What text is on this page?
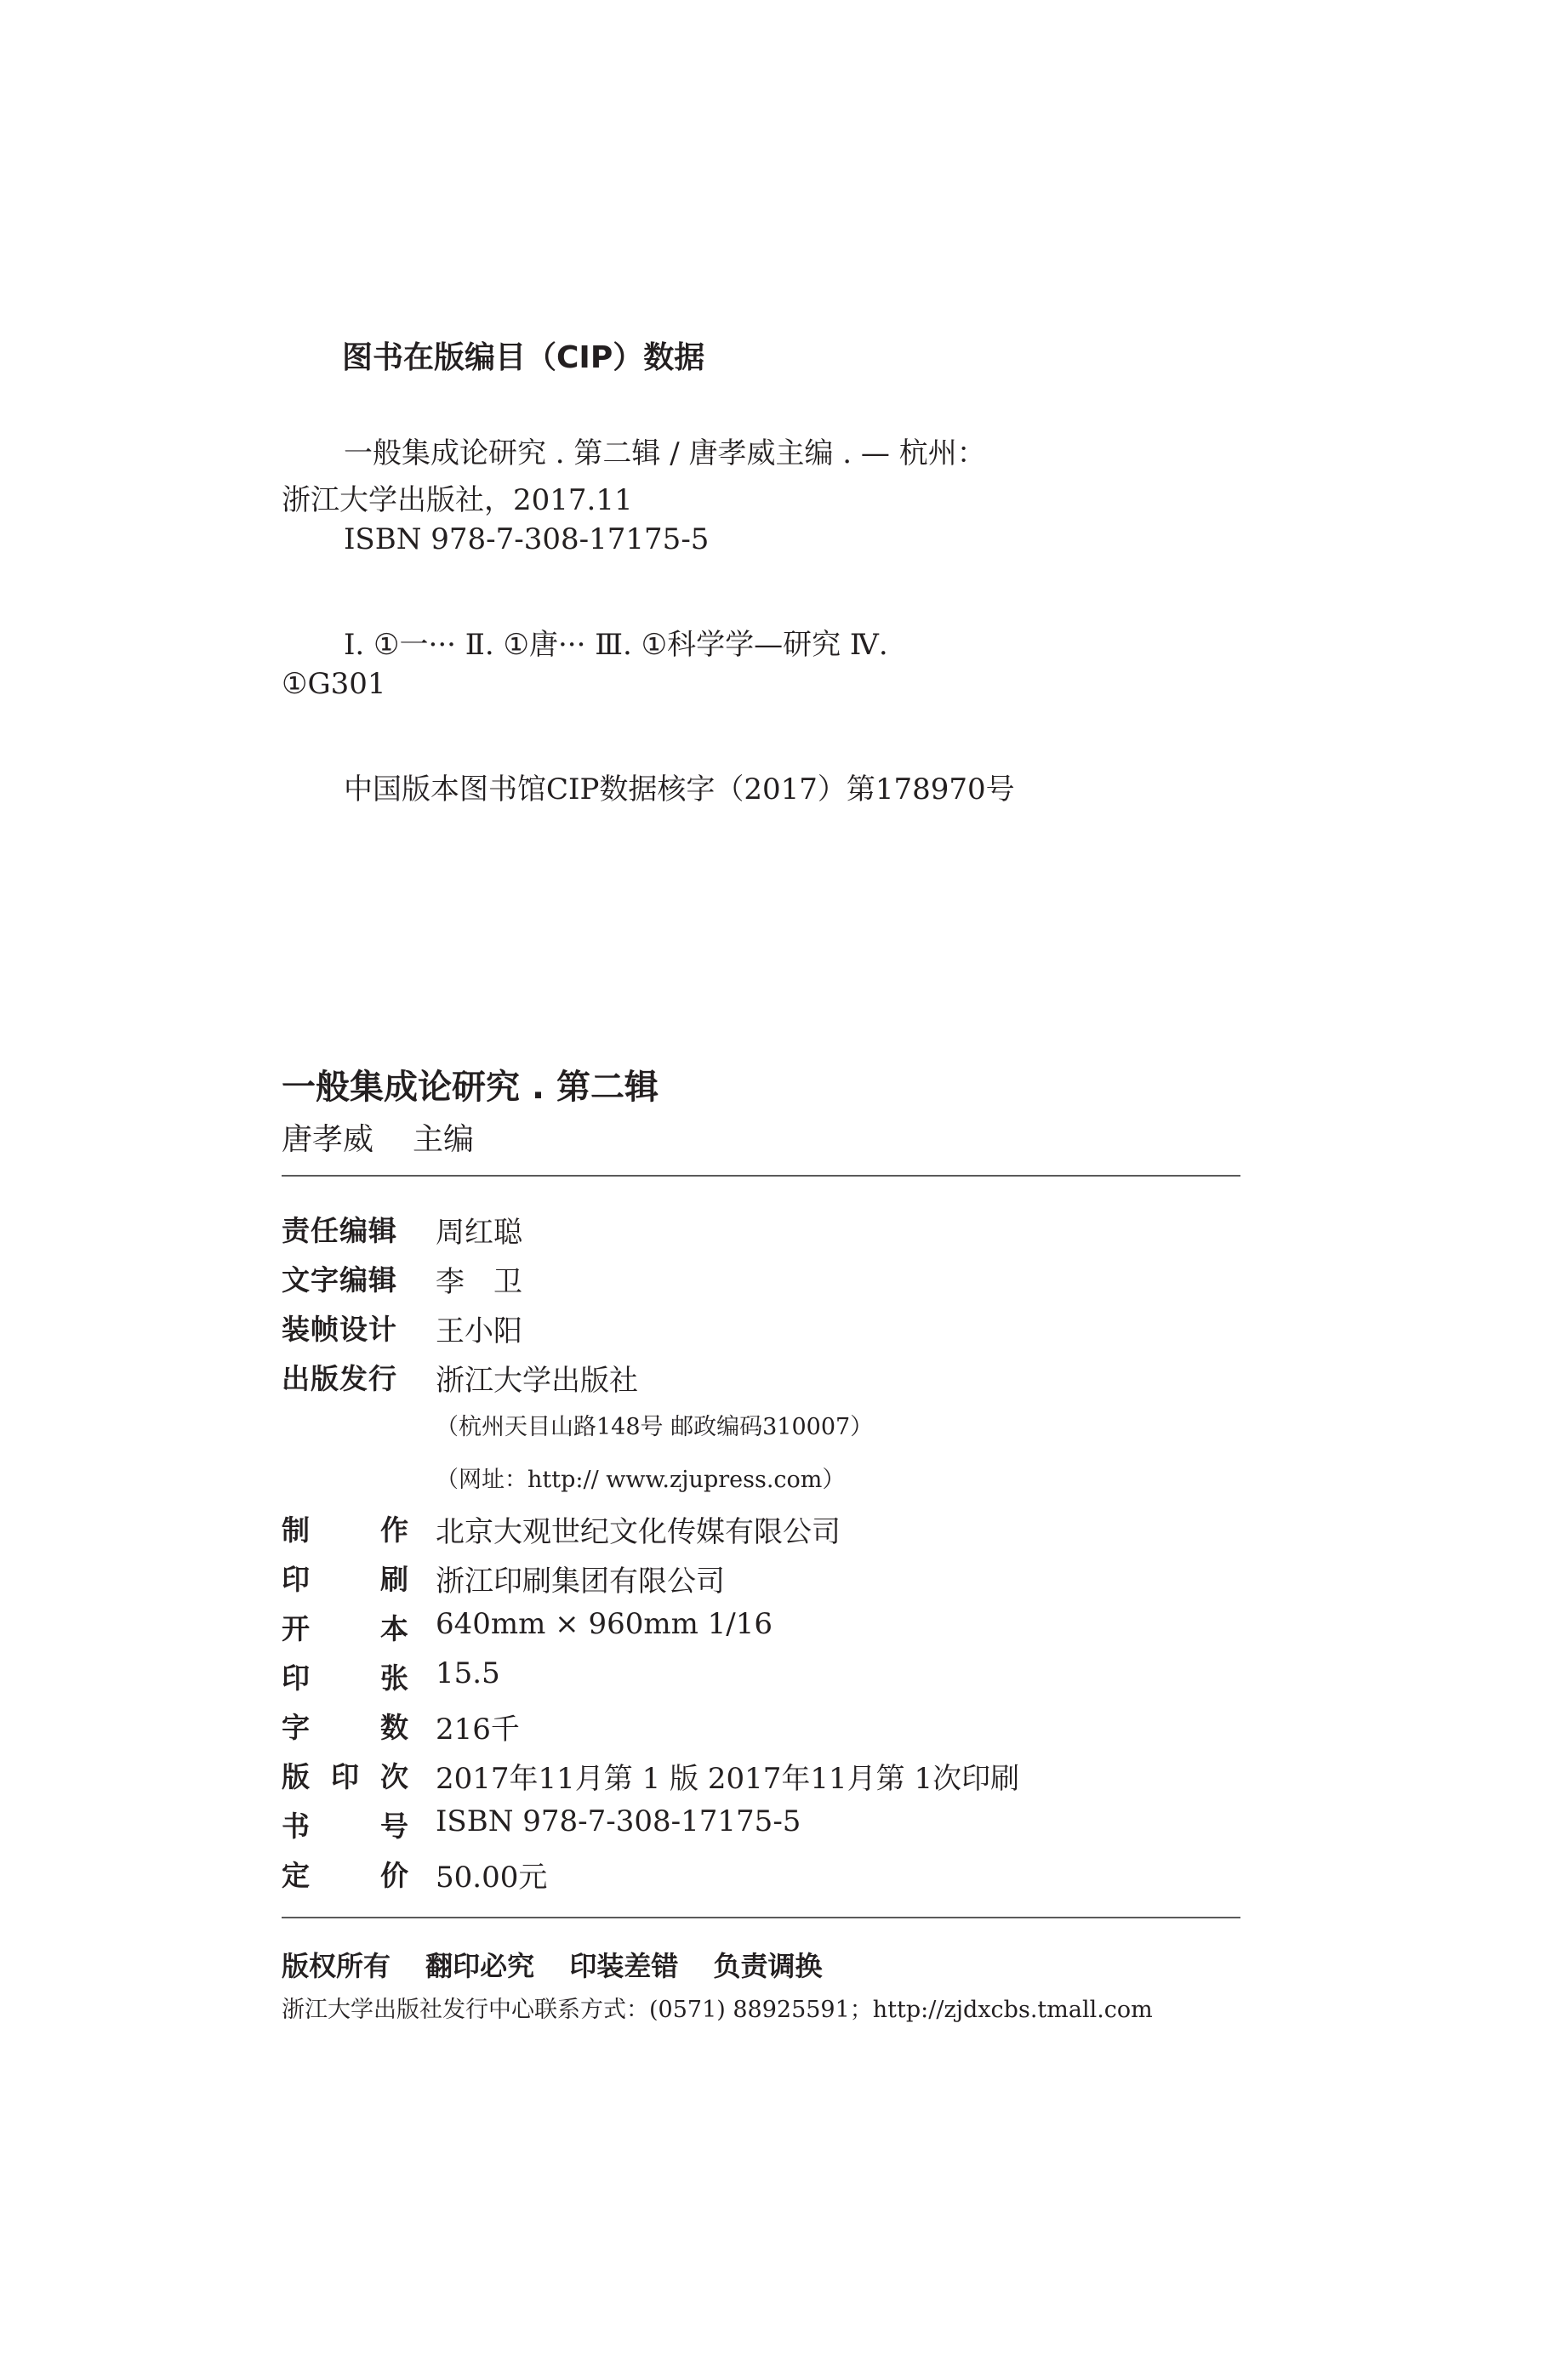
图书在版编目（CIP）数据
一般集成论研究 . 第二辑 / 唐孝威主编 . — 杭州：
浙江大学出版社，2017.11
ISBN 978-7-308-17175-5
Ⅰ. ①一··· Ⅱ. ①唐··· Ⅲ. ①科学学—研究 Ⅳ.
①G301
中国版本图书馆CIP数据核字（2017）第178970号
一般集成论研究 . 第二辑
唐孝威 主编
责任编辑	周红聪
文字编辑	李　卫
装帧设计	王小阳
出版发行	浙江大学出版社
（杭州天目山路148号 邮政编码310007）
（网址：http:// www.zjupress.com）
制 作 北京大观世纪文化传媒有限公司
印 刷 浙江印刷集团有限公司
开 本 640mm × 960mm 1/16
印 张 15.5
字 数 216千
版 印 次 2017年11月第 1 版 2017年11月第 1次印刷
书 号 ISBN 978-7-308-17175-5
定 价 50.00元
版权所有 翻印必究 印装差错 负责调换
浙江大学出版社发行中心联系方式：(0571) 88925591；http://zjdxcbs.tmall.com
